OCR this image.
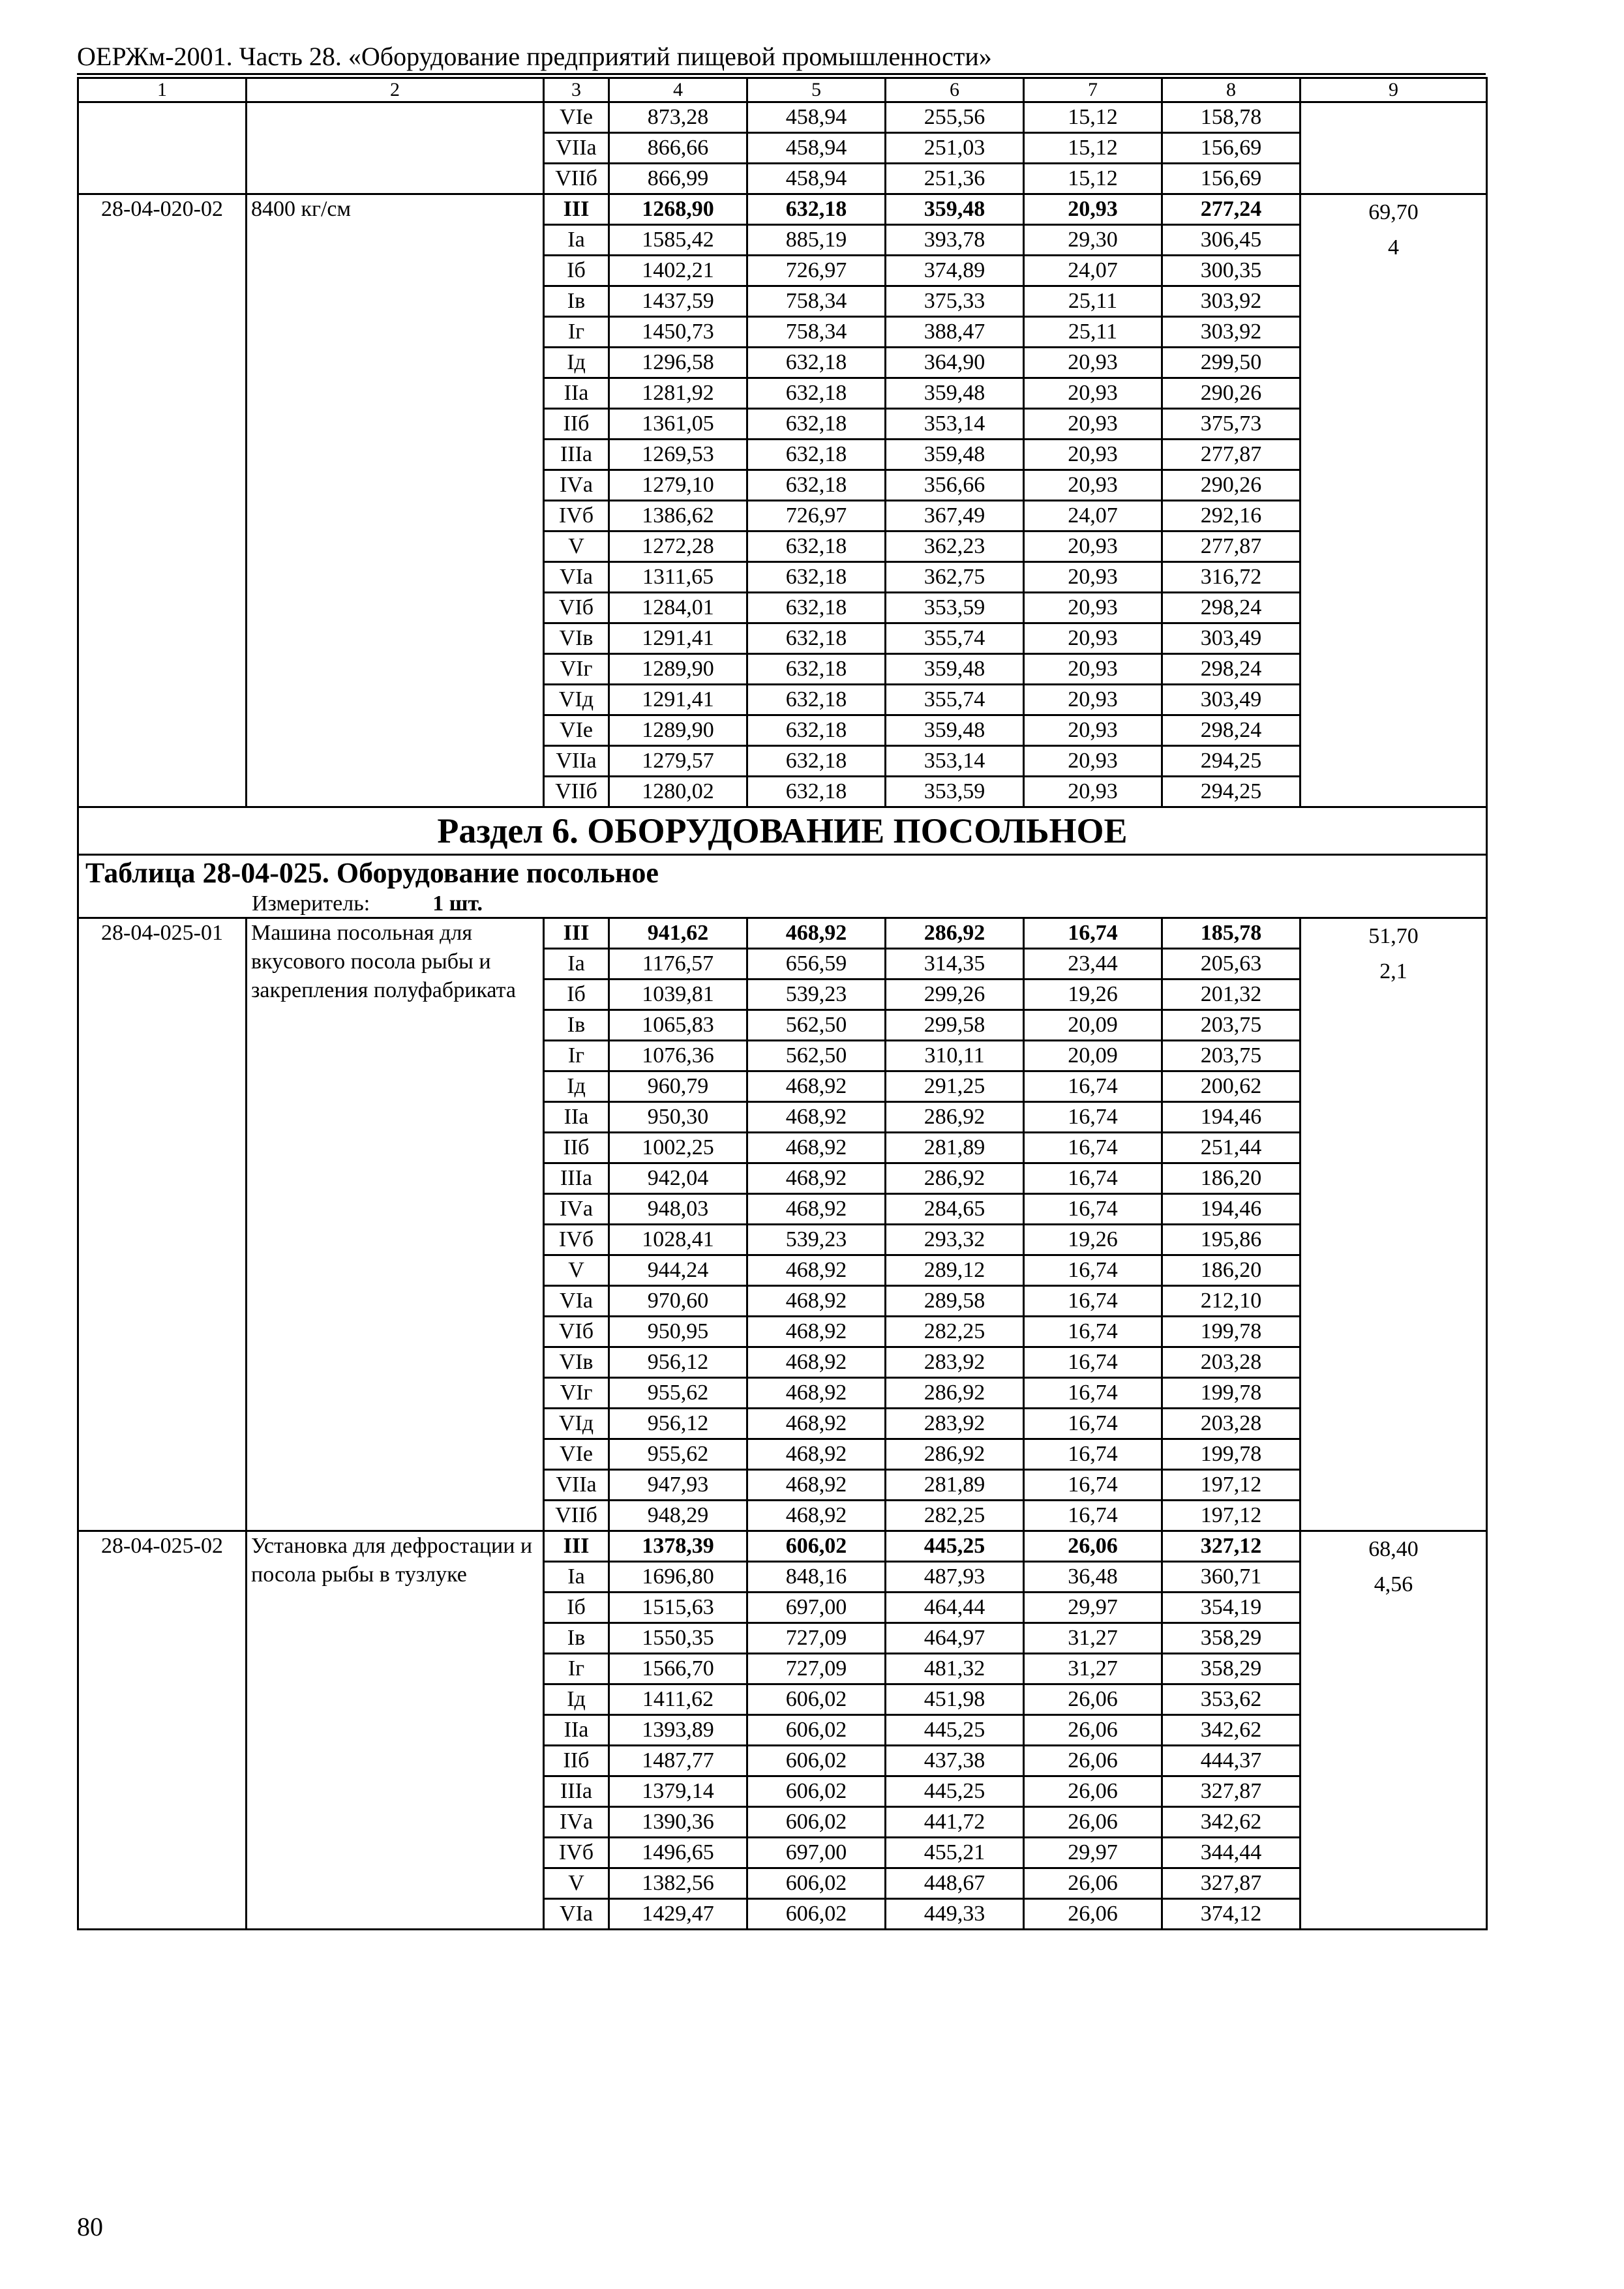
ОЕРЖм-2001. Часть 28. «Оборудование предприятий пищевой промышленности»
1	2	3	4	5	6	7	8	9
		VIе	873,28	458,94	255,56	15,12	158,78	
		VIIа	866,66	458,94	251,03	15,12	156,69	
		VIIб	866,99	458,94	251,36	15,12	156,69	
28-04-020-02	8400 кг/см	III	1268,90	632,18	359,48	20,93	277,24	69,70
4
		Iа	1585,42	885,19	393,78	29,30	306,45	
		Iб	1402,21	726,97	374,89	24,07	300,35	
		Iв	1437,59	758,34	375,33	25,11	303,92	
		Iг	1450,73	758,34	388,47	25,11	303,92	
		Iд	1296,58	632,18	364,90	20,93	299,50	
		IIа	1281,92	632,18	359,48	20,93	290,26	
		IIб	1361,05	632,18	353,14	20,93	375,73	
		IIIа	1269,53	632,18	359,48	20,93	277,87	
		IVа	1279,10	632,18	356,66	20,93	290,26	
		IVб	1386,62	726,97	367,49	24,07	292,16	
		V	1272,28	632,18	362,23	20,93	277,87	
		VIа	1311,65	632,18	362,75	20,93	316,72	
		VIб	1284,01	632,18	353,59	20,93	298,24	
		VIв	1291,41	632,18	355,74	20,93	303,49	
		VIг	1289,90	632,18	359,48	20,93	298,24	
		VIд	1291,41	632,18	355,74	20,93	303,49	
		VIе	1289,90	632,18	359,48	20,93	298,24	
		VIIа	1279,57	632,18	353,14	20,93	294,25	
		VIIб	1280,02	632,18	353,59	20,93	294,25	
Раздел 6. ОБОРУДОВАНИЕ ПОСОЛЬНОЕ								
Таблица 28-04-025. Оборудование посольное								
Измеритель: 1 шт.								
28-04-025-01	Машина посольная для вкусового посола рыбы и закрепления полуфабриката	III	941,62	468,92	286,92	16,74	185,78	51,70
2,1
		Iа	1176,57	656,59	314,35	23,44	205,63	
		Iб	1039,81	539,23	299,26	19,26	201,32	
		Iв	1065,83	562,50	299,58	20,09	203,75	
		Iг	1076,36	562,50	310,11	20,09	203,75	
		Iд	960,79	468,92	291,25	16,74	200,62	
		IIа	950,30	468,92	286,92	16,74	194,46	
		IIб	1002,25	468,92	281,89	16,74	251,44	
		IIIа	942,04	468,92	286,92	16,74	186,20	
		IVа	948,03	468,92	284,65	16,74	194,46	
		IVб	1028,41	539,23	293,32	19,26	195,86	
		V	944,24	468,92	289,12	16,74	186,20	
		VIа	970,60	468,92	289,58	16,74	212,10	
		VIб	950,95	468,92	282,25	16,74	199,78	
		VIв	956,12	468,92	283,92	16,74	203,28	
		VIг	955,62	468,92	286,92	16,74	199,78	
		VIд	956,12	468,92	283,92	16,74	203,28	
		VIе	955,62	468,92	286,92	16,74	199,78	
		VIIа	947,93	468,92	281,89	16,74	197,12	
		VIIб	948,29	468,92	282,25	16,74	197,12	
28-04-025-02	Установка для дефростации и посола рыбы в тузлуке	III	1378,39	606,02	445,25	26,06	327,12	68,40
4,56
		Iа	1696,80	848,16	487,93	36,48	360,71	
		Iб	1515,63	697,00	464,44	29,97	354,19	
		Iв	1550,35	727,09	464,97	31,27	358,29	
		Iг	1566,70	727,09	481,32	31,27	358,29	
		Iд	1411,62	606,02	451,98	26,06	353,62	
		IIа	1393,89	606,02	445,25	26,06	342,62	
		IIб	1487,77	606,02	437,38	26,06	444,37	
		IIIа	1379,14	606,02	445,25	26,06	327,87	
		IVа	1390,36	606,02	441,72	26,06	342,62	
		IVб	1496,65	697,00	455,21	29,97	344,44	
		V	1382,56	606,02	448,67	26,06	327,87	
		VIа	1429,47	606,02	449,33	26,06	374,12	
80
